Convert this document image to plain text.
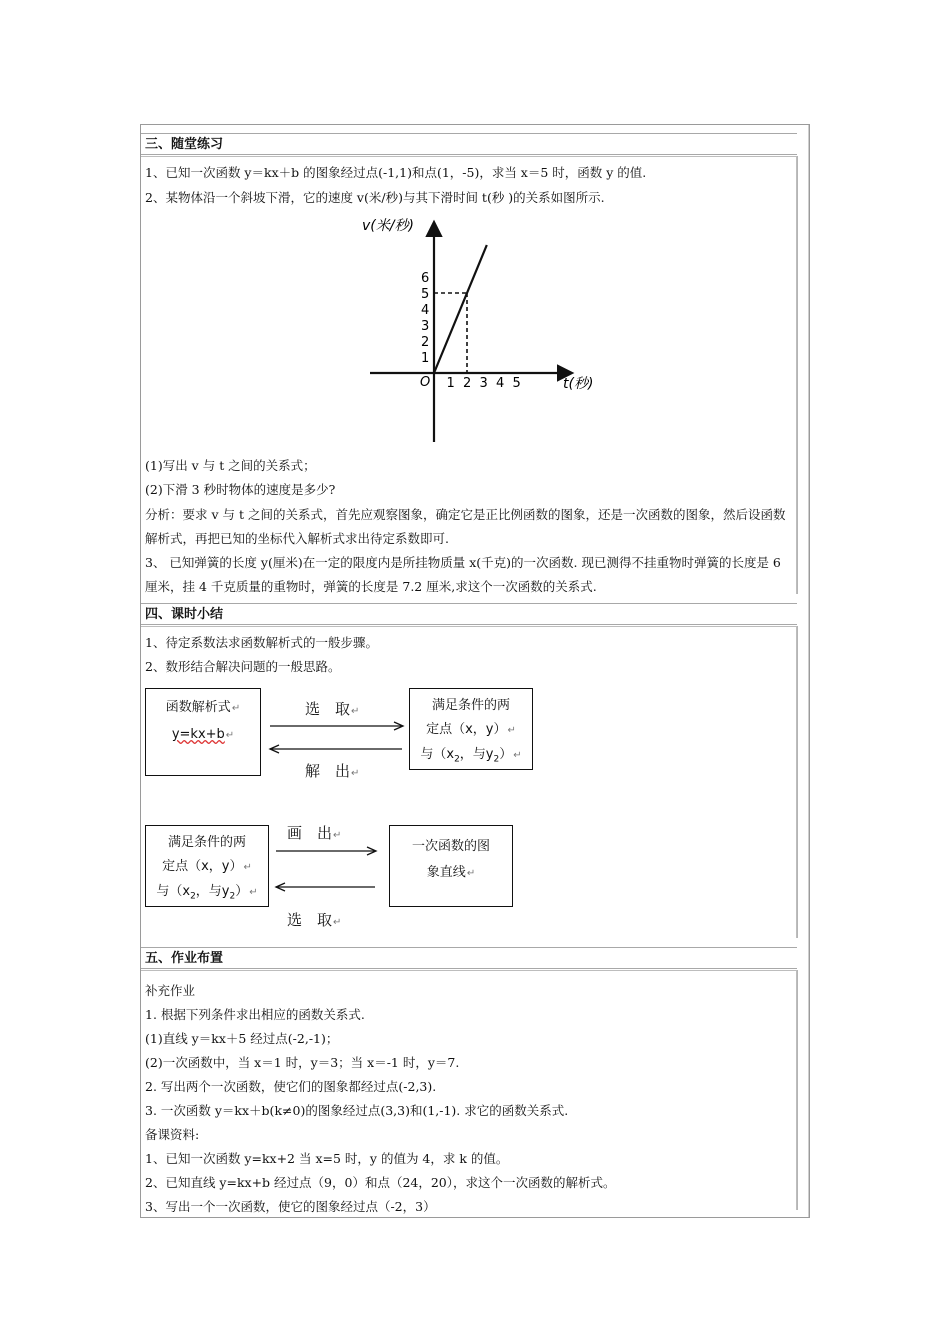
三、随堂练习
1、已知一次函数 y＝kx＋b 的图象经过点(-1,1)和点(1，-5)，求当 x＝5 时，函数 y 的值.
2、某物体沿一个斜坡下滑，它的速度 v(米/秒)与其下滑时间 t(秒 )的关系如图所示.
v(米/秒)
t(秒)
O 1 2 3 4 5
1
2
3
4
5
6
(1)写出 v 与 t 之间的关系式；
(2)下滑 3 秒时物体的速度是多少?
分析：要求 v 与 t 之间的关系式，首先应观察图象，确定它是正比例函数的图象，还是一次函数的图象，然后设函数解析式，再把已知的坐标代入解析式求出待定系数即可.
3、 已知弹簧的长度 y(厘米)在一定的限度内是所挂物质量 x(千克)的一次函数. 现已测得不挂重物时弹簧的长度是 6 厘米，挂 4 千克质量的重物时，弹簧的长度是 7.2 厘米,求这个一次函数的关系式.
四、课时小结
1、待定系数法求函数解析式的一般步骤。
2、数形结合解决问题的一般思路。
函数解析式↵
y=kx+b↵
满足条件的两
定点（x，y）↵
与（$x_2$，与$y_2)↵$
选　取↵
解　出↵
满足条件的两
定点（x，y）↵
与（$x_2$，与$y_2)↵$
一次函数的图
象直线↵
画　出↵
选　取↵
五、作业布置
补充作业
1. 根据下列条件求出相应的函数关系式.
(1)直线 y＝kx＋5 经过点(-2,-1)；
(2)一次函数中，当 x＝1 时，y＝3；当 x＝-1 时，y＝7.
2. 写出两个一次函数，使它们的图象都经过点(-2,3).
3. 一次函数 y＝kx＋b(k≠0)的图象经过点(3,3)和(1,-1). 求它的函数关系式.
备课资料:
1、已知一次函数 y=kx+2 当 x=5 时，y 的值为 4，求 k 的值。
2、已知直线 y=kx+b 经过点（9，0）和点（24，20），求这个一次函数的解析式。
3、写出一个一次函数，使它的图象经过点（-2，3）
